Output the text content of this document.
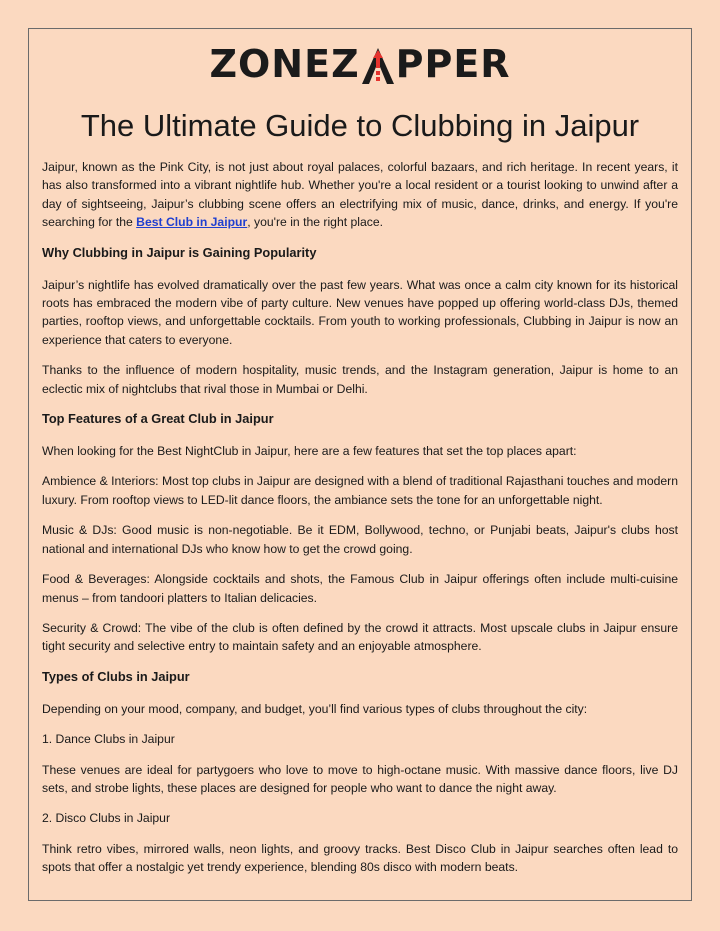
ZONEZ PPER
The Ultimate Guide to Clubbing in Jaipur

Jaipur, known as the Pink City, is not just about royal palaces, colorful bazaars, and rich heritage. In recent years, it has also transformed into a vibrant nightlife hub. Whether you're a local resident or a tourist looking to unwind after a day of sightseeing, Jaipur’s clubbing scene offers an electrifying mix of music, dance, drinks, and energy. If you're searching for the Best Club in Jaipur, you're in the right place.

Why Clubbing in Jaipur is Gaining Popularity

Jaipur’s nightlife has evolved dramatically over the past few years. What was once a calm city known for its historical roots has embraced the modern vibe of party culture. New venues have popped up offering world-class DJs, themed parties, rooftop views, and unforgettable cocktails. From youth to working professionals, Clubbing in Jaipur is now an experience that caters to everyone.

Thanks to the influence of modern hospitality, music trends, and the Instagram generation, Jaipur is home to an eclectic mix of nightclubs that rival those in Mumbai or Delhi.

Top Features of a Great Club in Jaipur

When looking for the Best NightClub in Jaipur, here are a few features that set the top places apart:

Ambience & Interiors: Most top clubs in Jaipur are designed with a blend of traditional Rajasthani touches and modern luxury. From rooftop views to LED-lit dance floors, the ambiance sets the tone for an unforgettable night.

Music & DJs: Good music is non-negotiable. Be it EDM, Bollywood, techno, or Punjabi beats, Jaipur's clubs host national and international DJs who know how to get the crowd going.

Food & Beverages: Alongside cocktails and shots, the Famous Club in Jaipur offerings often include multi-cuisine menus – from tandoori platters to Italian delicacies.

Security & Crowd: The vibe of the club is often defined by the crowd it attracts. Most upscale clubs in Jaipur ensure tight security and selective entry to maintain safety and an enjoyable atmosphere.

Types of Clubs in Jaipur

Depending on your mood, company, and budget, you’ll find various types of clubs throughout the city:

1. Dance Clubs in Jaipur

These venues are ideal for partygoers who love to move to high-octane music. With massive dance floors, live DJ sets, and strobe lights, these places are designed for people who want to dance the night away.

2. Disco Clubs in Jaipur

Think retro vibes, mirrored walls, neon lights, and groovy tracks. Best Disco Club in Jaipur searches often lead to spots that offer a nostalgic yet trendy experience, blending 80s disco with modern beats.
